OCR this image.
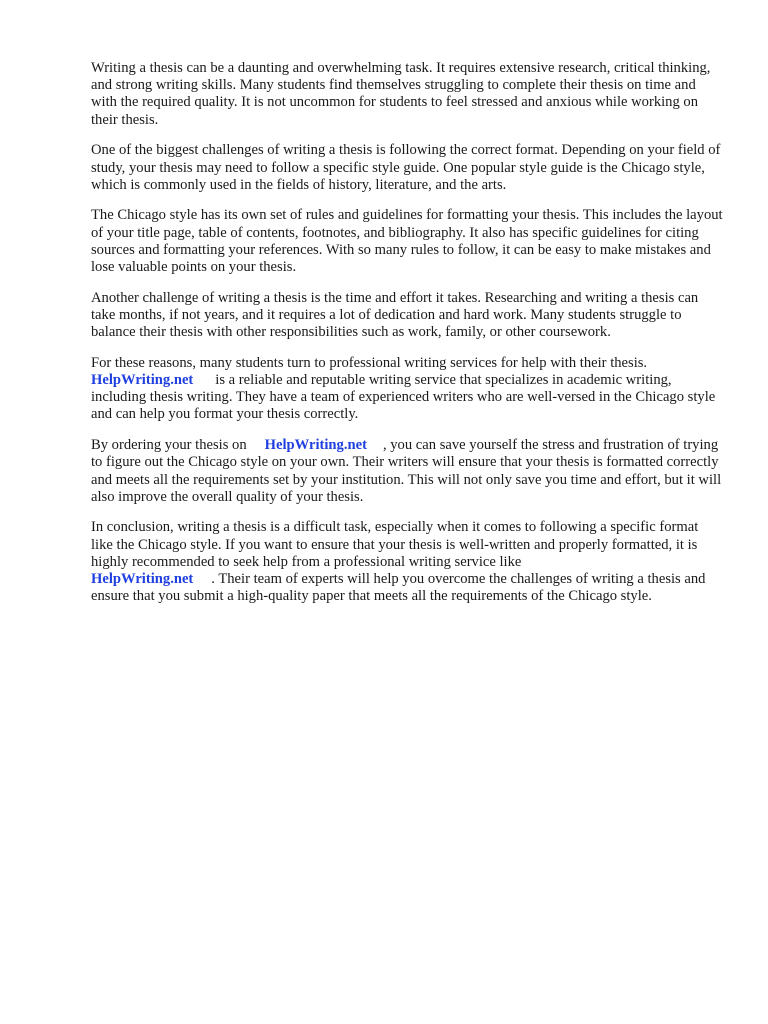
Writing a thesis can be a daunting and overwhelming task. It requires extensive research, critical thinking, and strong writing skills. Many students find themselves struggling to complete their thesis on time and with the required quality. It is not uncommon for students to feel stressed and anxious while working on their thesis.

One of the biggest challenges of writing a thesis is following the correct format. Depending on your field of study, your thesis may need to follow a specific style guide. One popular style guide is the Chicago style, which is commonly used in the fields of history, literature, and the arts.

The Chicago style has its own set of rules and guidelines for formatting your thesis. This includes the layout of your title page, table of contents, footnotes, and bibliography. It also has specific guidelines for citing sources and formatting your references. With so many rules to follow, it can be easy to make mistakes and lose valuable points on your thesis.

Another challenge of writing a thesis is the time and effort it takes. Researching and writing a thesis can take months, if not years, and it requires a lot of dedication and hard work. Many students struggle to balance their thesis with other responsibilities such as work, family, or other coursework.

For these reasons, many students turn to professional writing services for help with their thesis.
HelpWriting.net is a reliable and reputable writing service that specializes in academic writing, including thesis writing. They have a team of experienced writers who are well-versed in the Chicago style and can help you format your thesis correctly.

By ordering your thesis on HelpWriting.net , you can save yourself the stress and frustration of trying to figure out the Chicago style on your own. Their writers will ensure that your thesis is formatted correctly and meets all the requirements set by your institution. This will not only save you time and effort, but it will also improve the overall quality of your thesis.

In conclusion, writing a thesis is a difficult task, especially when it comes to following a specific format like the Chicago style. If you want to ensure that your thesis is well-written and properly formatted, it is highly recommended to seek help from a professional writing service like
HelpWriting.net . Their team of experts will help you overcome the challenges of writing a thesis and ensure that you submit a high-quality paper that meets all the requirements of the Chicago style.
